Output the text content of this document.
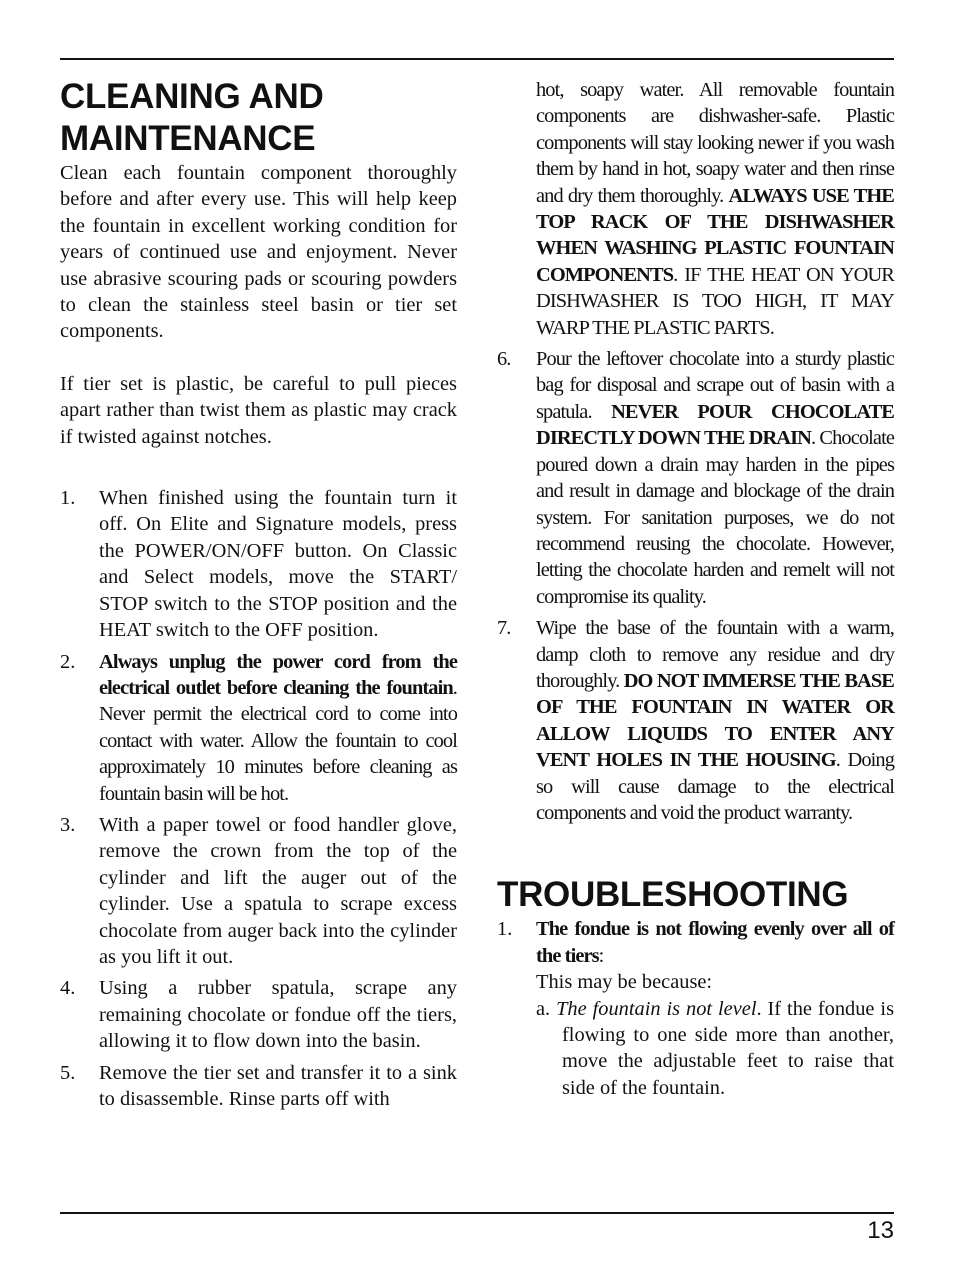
CLEANING AND MAINTENANCE

Clean each fountain component thoroughly before and after every use. This will help keep the fountain in excellent working condition for years of continued use and enjoyment. Never use abrasive scouring pads or scouring powders to clean the stainless steel basin or tier set components.

If tier set is plastic, be careful to pull pieces apart rather than twist them as plastic may crack if twisted against notches.

1. When finished using the fountain turn it off. On Elite and Signature models, press the POWER/ON/OFF button. On Classic and Select models, move the START/ STOP switch to the STOP position and the HEAT switch to the OFF position.
2. Always unplug the power cord from the electrical outlet before cleaning the fountain. Never permit the electrical cord to come into contact with water. Allow the fountain to cool approximately 10 minutes before cleaning as fountain basin will be hot.
3. With a paper towel or food handler glove, remove the crown from the top of the cylinder and lift the auger out of the cylinder. Use a spatula to scrape excess chocolate from auger back into the cylinder as you lift it out.
4. Using a rubber spatula, scrape any remaining chocolate or fondue off the tiers, allowing it to flow down into the basin.
5. Remove the tier set and transfer it to a sink to disassemble. Rinse parts off with

hot, soapy water. All removable fountain components are dishwasher-safe. Plastic components will stay looking newer if you wash them by hand in hot, soapy water and then rinse and dry them thoroughly. ALWAYS USE THE TOP RACK OF THE DISHWASHER WHEN WASHING PLASTIC FOUNTAIN COMPONENTS. IF THE HEAT ON YOUR DISHWASHER IS TOO HIGH, IT MAY WARP THE PLASTIC PARTS.

6. Pour the leftover chocolate into a sturdy plastic bag for disposal and scrape out of basin with a spatula. NEVER POUR CHOCOLATE DIRECTLY DOWN THE DRAIN. Chocolate poured down a drain may harden in the pipes and result in damage and blockage of the drain system. For sanitation purposes, we do not recommend reusing the chocolate. However, letting the chocolate harden and remelt will not compromise its quality.
7. Wipe the base of the fountain with a warm, damp cloth to remove any residue and dry thoroughly. DO NOT IMMERSE THE BASE OF THE FOUNTAIN IN WATER OR ALLOW LIQUIDS TO ENTER ANY VENT HOLES IN THE HOUSING. Doing so will cause damage to the electrical components and void the product warranty.
TROUBLESHOOTING
1. The fondue is not flowing evenly over all of the tiers:
This may be because:
a. The fountain is not level. If the fondue is flowing to one side more than another, move the adjustable feet to raise that side of the fountain.
13
